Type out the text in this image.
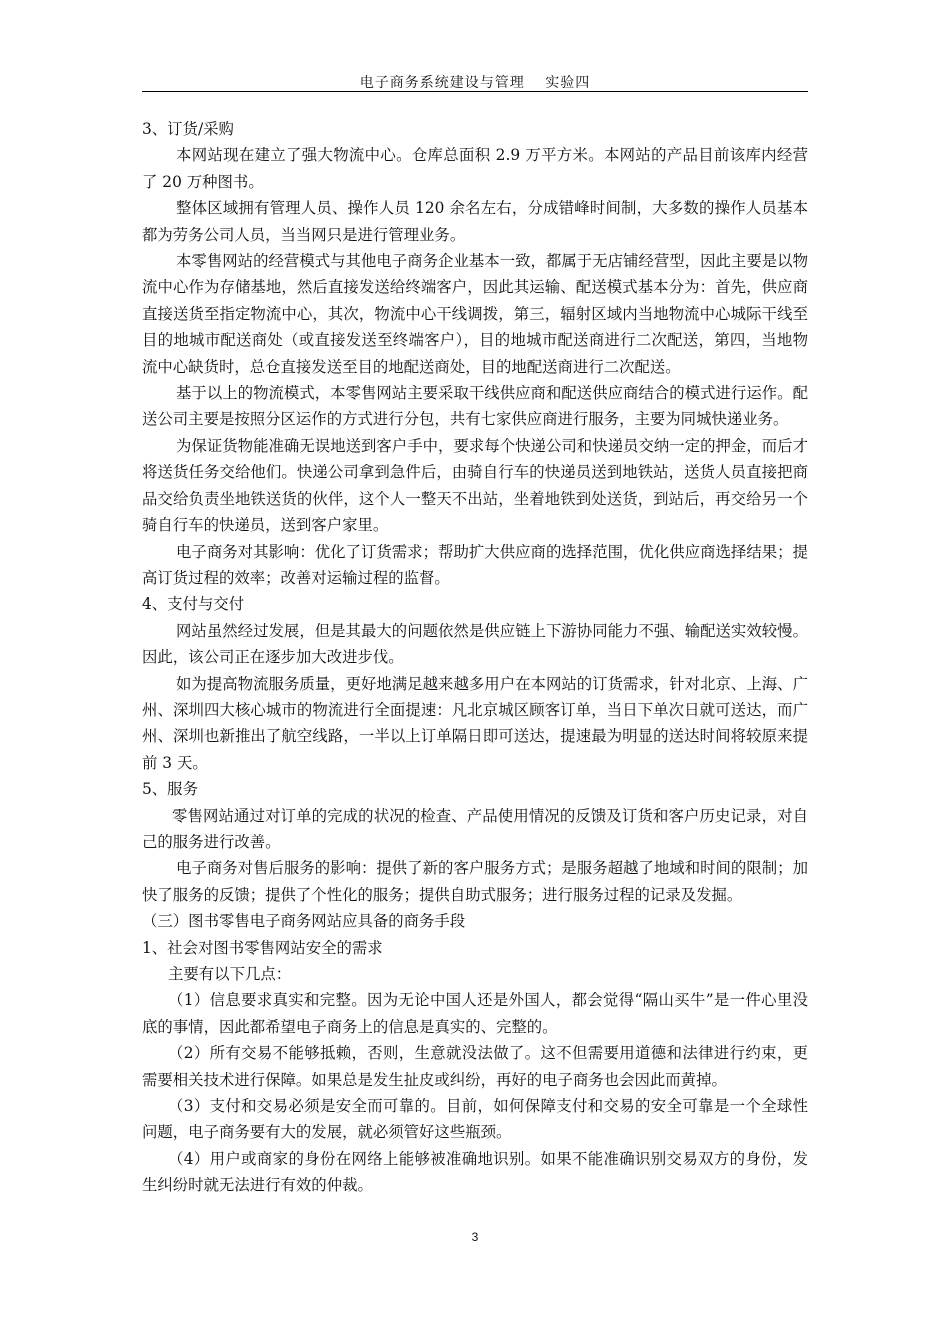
电子商务系统建设与管理　 实验四

3、订货/采购

本网站现在建立了强大物流中心。仓库总面积 2.9 万平方米。本网站的产品目前该库内经营了 20 万种图书。

整体区域拥有管理人员、操作人员 120 余名左右，分成错峰时间制，大多数的操作人员基本都为劳务公司人员，当当网只是进行管理业务。

本零售网站的经营模式与其他电子商务企业基本一致，都属于无店铺经营型，因此主要是以物流中心作为存储基地，然后直接发送给终端客户，因此其运输、配送模式基本分为：首先，供应商直接送货至指定物流中心，其次，物流中心干线调拨，第三，辐射区域内当地物流中心城际干线至目的地城市配送商处（或直接发送至终端客户），目的地城市配送商进行二次配送，第四，当地物流中心缺货时，总仓直接发送至目的地配送商处，目的地配送商进行二次配送。

基于以上的物流模式，本零售网站主要采取干线供应商和配送供应商结合的模式进行运作。配送公司主要是按照分区运作的方式进行分包，共有七家供应商进行服务，主要为同城快递业务。

为保证货物能准确无误地送到客户手中，要求每个快递公司和快递员交纳一定的押金，而后才将送货任务交给他们。快递公司拿到急件后，由骑自行车的快递员送到地铁站，送货人员直接把商品交给负责坐地铁送货的伙伴，这个人一整天不出站，坐着地铁到处送货，到站后，再交给另一个骑自行车的快递员，送到客户家里。

电子商务对其影响：优化了订货需求；帮助扩大供应商的选择范围，优化供应商选择结果；提高订货过程的效率；改善对运输过程的监督。

4、支付与交付

网站虽然经过发展，但是其最大的问题依然是供应链上下游协同能力不强、输配送实效较慢。因此，该公司正在逐步加大改进步伐。

如为提高物流服务质量，更好地满足越来越多用户在本网站的订货需求，针对北京、上海、广州、深圳四大核心城市的物流进行全面提速：凡北京城区顾客订单，当日下单次日就可送达，而广州、深圳也新推出了航空线路，一半以上订单隔日即可送达，提速最为明显的送达时间将较原来提前 3 天。

5、服务

零售网站通过对订单的完成的状况的检查、产品使用情况的反馈及订货和客户历史记录，对自己的服务进行改善。

电子商务对售后服务的影响：提供了新的客户服务方式；是服务超越了地域和时间的限制；加快了服务的反馈；提供了个性化的服务；提供自助式服务；进行服务过程的记录及发掘。

（三）图书零售电子商务网站应具备的商务手段

1、社会对图书零售网站安全的需求

主要有以下几点：

（1）信息要求真实和完整。因为无论中国人还是外国人，都会觉得“隔山买牛”是一件心里没底的事情，因此都希望电子商务上的信息是真实的、完整的。

（2）所有交易不能够抵赖，否则，生意就没法做了。这不但需要用道德和法律进行约束，更需要相关技术进行保障。如果总是发生扯皮或纠纷，再好的电子商务也会因此而黄掉。

（3）支付和交易必须是安全而可靠的。目前，如何保障支付和交易的安全可靠是一个全球性问题，电子商务要有大的发展，就必须管好这些瓶颈。

（4）用户或商家的身份在网络上能够被准确地识别。如果不能准确识别交易双方的身份，发生纠纷时就无法进行有效的仲裁。

3
